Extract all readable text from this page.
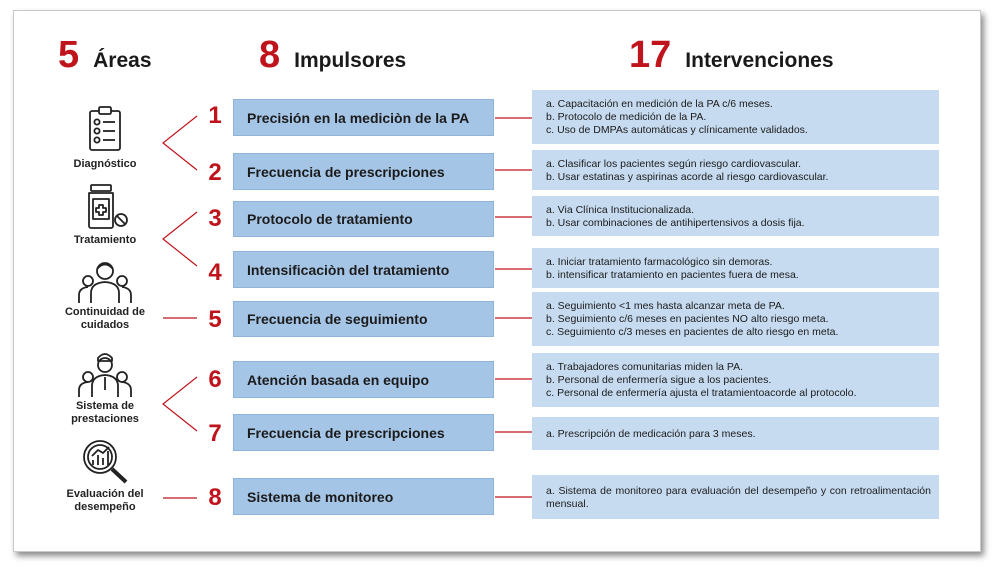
5 Áreas	8 Impulsores	17 Intervenciones
Diagnóstico
Tratamiento
Continuidad de cuidados
Sistema de prestaciones
Evaluación del desempeño
1
2
3
4
5
6
7
8
Precisión en la mediciòn de la PA
Frecuencia de prescripciones
Protocolo de tratamiento
Intensificaciòn del tratamiento
Frecuencia de seguimiento
Atención basada en equipo
Frecuencia de prescripciones
Sistema de monitoreo
a. Capacitación en medición de la PA c/6 meses.
b. Protocolo de medición de la PA.
c. Uso de DMPAs automáticas y clínicamente validados.
a. Clasificar los pacientes según riesgo cardiovascular.
b. Usar estatinas y aspirinas acorde al riesgo cardiovascular.
a. Via Clínica Institucionalizada.
b. Usar combinaciones de antihipertensivos a dosis fija.
a. Iniciar tratamiento farmacológico sin demoras.
b. intensificar tratamiento en pacientes fuera de mesa.
a. Seguimiento <1 mes hasta alcanzar meta de PA.
b. Seguimiento c/6 meses en pacientes NO alto riesgo meta.
c. Seguimiento c/3 meses en pacientes de alto riesgo en meta.
a. Trabajadores comunitarias miden la PA.
b. Personal de enfermería sigue a los pacientes.
c. Personal de enfermería ajusta el tratamientoacorde al protocolo.
a. Prescripción de medicación para 3 meses.
a. Sistema de monitoreo para evaluación del desempeño y con retroalimentación mensual.
